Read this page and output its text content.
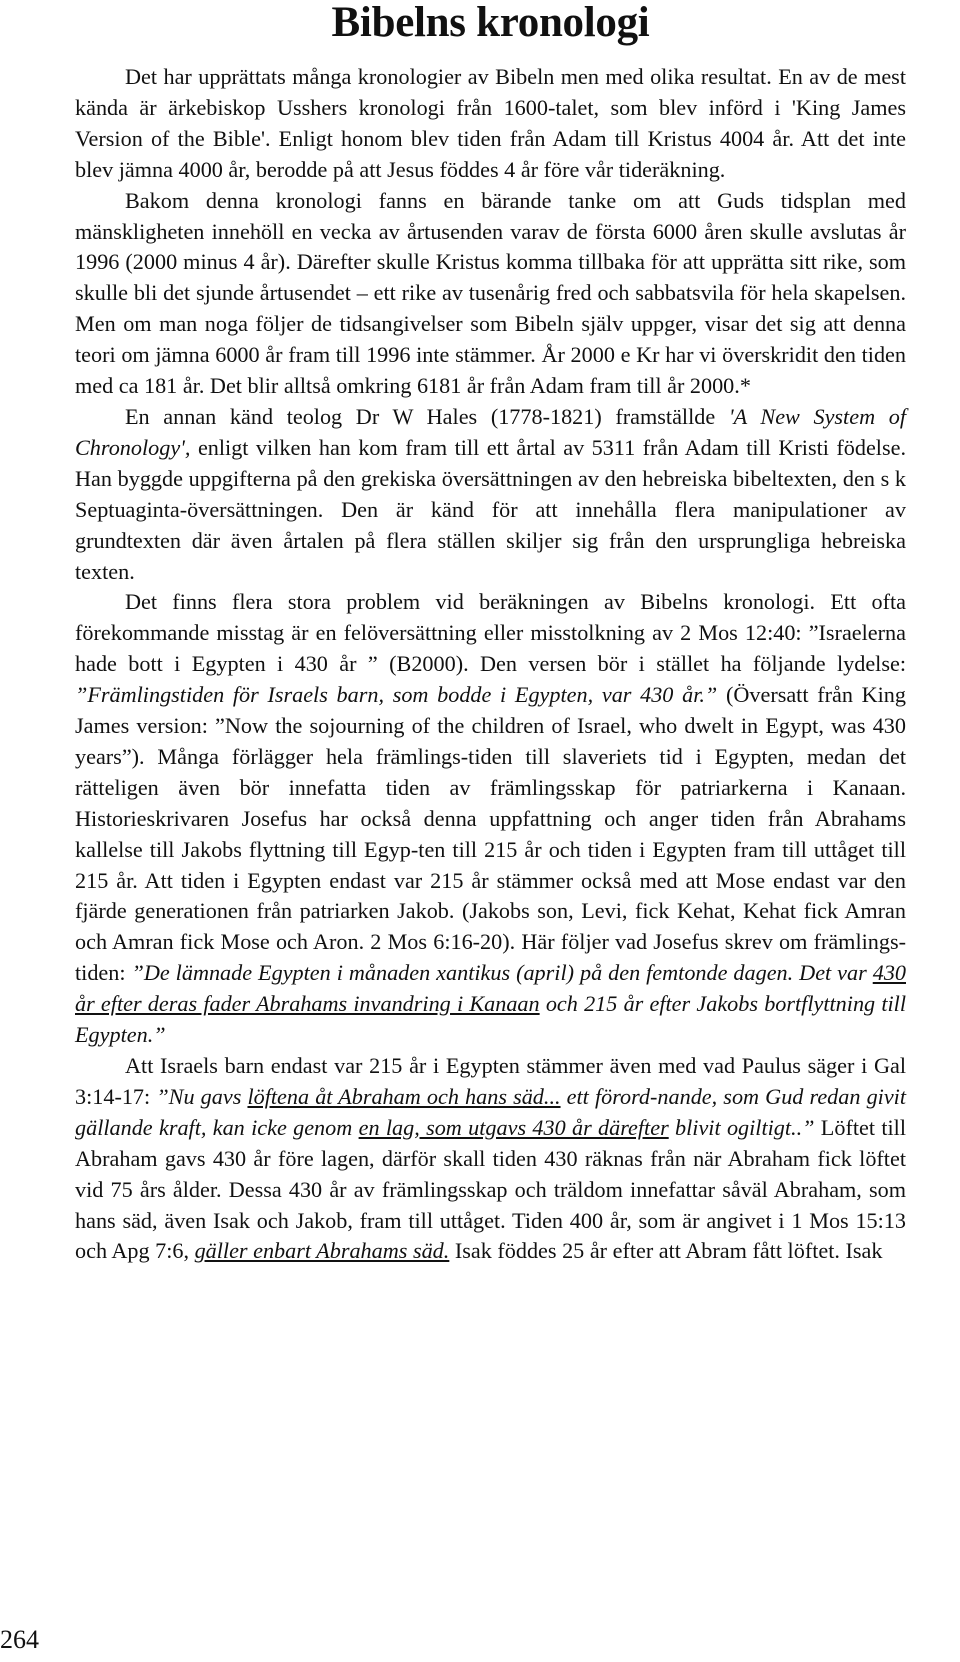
Bibelns kronologi

Det har upprättats många kronologier av Bibeln men med olika resultat. En av de mest kända är ärkebiskop Usshers kronologi från 1600-talet, som blev införd i 'King James Version of the Bible'. Enligt honom blev tiden från Adam till Kristus 4004 år. Att det inte blev jämna 4000 år, berodde på att Jesus föddes 4 år före vår tideräkning.

Bakom denna kronologi fanns en bärande tanke om att Guds tidsplan med mänskligheten innehöll en vecka av årtusenden varav de första 6000 åren skulle avslutas år 1996 (2000 minus 4 år). Därefter skulle Kristus komma tillbaka för att upprätta sitt rike, som skulle bli det sjunde årtusendet – ett rike av tusenårig fred och sabbatsvila för hela skapelsen. Men om man noga följer de tidsangivelser som Bibeln själv uppger, visar det sig att denna teori om jämna 6000 år fram till 1996 inte stämmer. År 2000 e Kr har vi överskridit den tiden med ca 181 år. Det blir alltså omkring 6181 år från Adam fram till år 2000.*

En annan känd teolog Dr W Hales (1778-1821) framställde 'A New System of Chronology', enligt vilken han kom fram till ett årtal av 5311 från Adam till Kristi födelse. Han byggde uppgifterna på den grekiska översättningen av den hebreiska bibeltexten, den s k Septuaginta-översättningen. Den är känd för att innehålla flera manipulationer av grundtexten där även årtalen på flera ställen skiljer sig från den ursprungliga hebreiska texten.

Det finns flera stora problem vid beräkningen av Bibelns kronologi. Ett ofta förekommande misstag är en felöversättning eller misstolkning av 2 Mos 12:40: ”Israelerna hade bott i Egypten i 430 år ” (B2000). Den versen bör i stället ha följande lydelse: ”Främlingstiden för Israels barn, som bodde i Egypten, var 430 år.” (Översatt från King James version: ”Now the sojourning of the children of Israel, who dwelt in Egypt, was 430 years”). Många förlägger hela främlings-tiden till slaveriets tid i Egypten, medan det rätteligen även bör innefatta tiden av främlingsskap för patriarkerna i Kanaan. Historieskrivaren Josefus har också denna uppfattning och anger tiden från Abrahams kallelse till Jakobs flyttning till Egyp-ten till 215 år och tiden i Egypten fram till uttåget till 215 år. Att tiden i Egypten endast var 215 år stämmer också med att Mose endast var den fjärde generationen från patriarken Jakob. (Jakobs son, Levi, fick Kehat, Kehat fick Amran och Amran fick Mose och Aron. 2 Mos 6:16-20). Här följer vad Josefus skrev om främlings-tiden: ”De lämnade Egypten i månaden xantikus (april) på den femtonde dagen. Det var 430 år efter deras fader Abrahams invandring i Kanaan och 215 år efter Jakobs bortflyttning till Egypten.”

Att Israels barn endast var 215 år i Egypten stämmer även med vad Paulus säger i Gal 3:14-17: ”Nu gavs löftena åt Abraham och hans säd... ett förord-nande, som Gud redan givit gällande kraft, kan icke genom en lag, som utgavs 430 år därefter blivit ogiltigt..” Löftet till Abraham gavs 430 år före lagen, därför skall tiden 430 räknas från när Abraham fick löftet vid 75 års ålder. Dessa 430 år av främlingsskap och träldom innefattar såväl Abraham, som hans säd, även Isak och Jakob, fram till uttåget. Tiden 400 år, som är angivet i 1 Mos 15:13 och Apg 7:6, gäller enbart Abrahams säd. Isak föddes 25 år efter att Abram fått löftet. Isak

264
